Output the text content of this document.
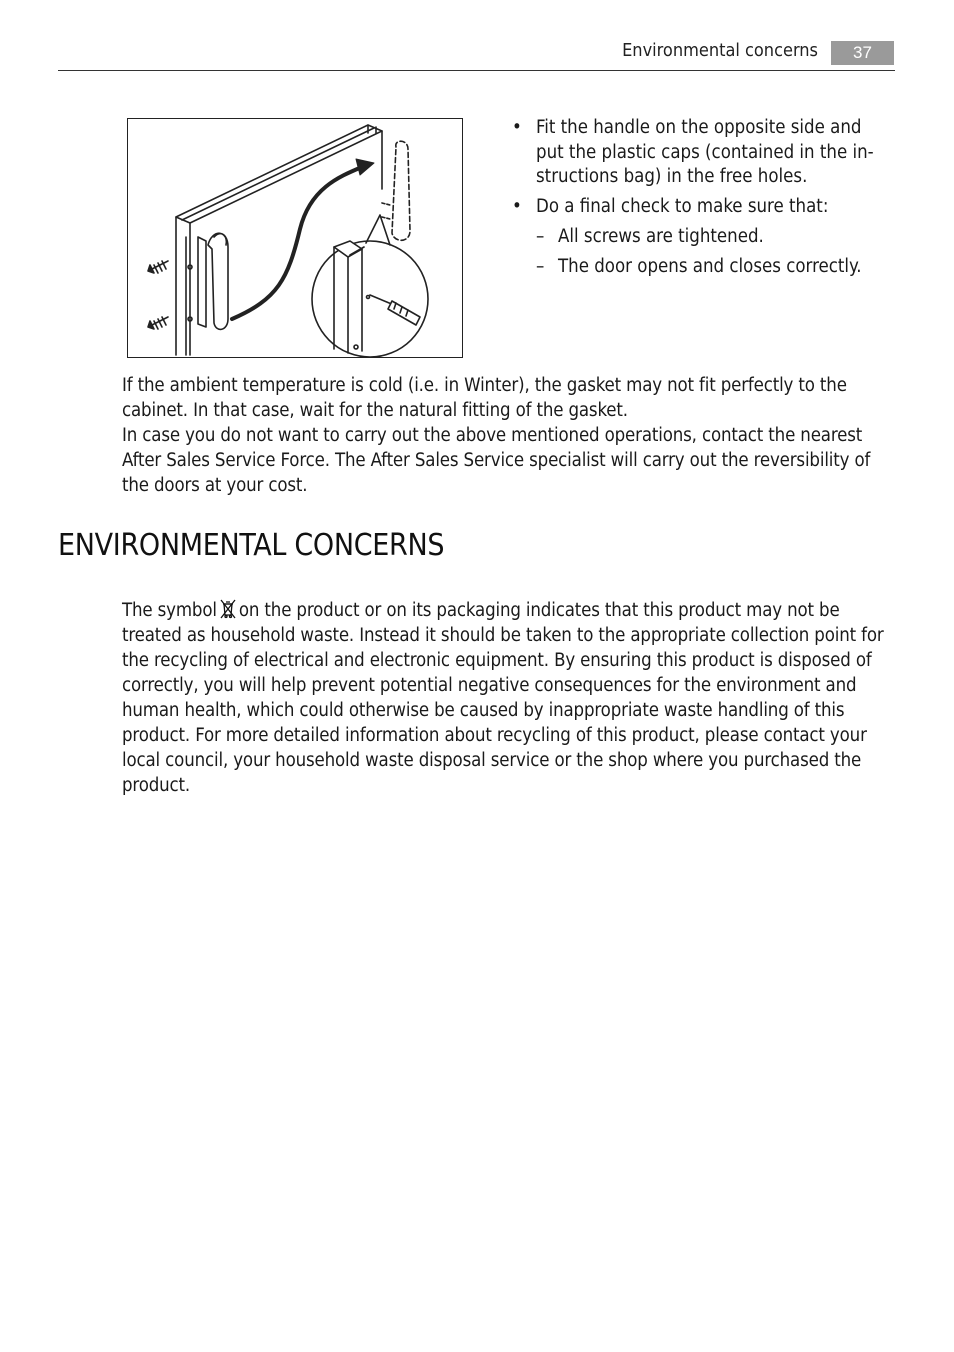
Environmental concerns	37
• Fit the handle on the opposite side and put the plastic caps (contained in the in-structions bag) in the free holes.
• Do a final check to make sure that:
– All screws are tightened.
– The door opens and closes correctly.

If the ambient temperature is cold (i.e. in Winter), the gasket may not fit perfectly to the cabinet. In that case, wait for the natural fitting of the gasket.

In case you do not want to carry out the above mentioned operations, contact the nearest After Sales Service Force. The After Sales Service specialist will carry out the reversibility of the doors at your cost.

ENVIRONMENTAL CONCERNS

The symbol on the product or on its packaging indicates that this product may not be treated as household waste. Instead it should be taken to the appropriate collection point for the recycling of electrical and electronic equipment. By ensuring this product is disposed of correctly, you will help prevent potential negative consequences for the environment and human health, which could otherwise be caused by inappropriate waste handling of this product. For more detailed information about recycling of this product, please contact your local council, your household waste disposal service or the shop where you purchased the product.
